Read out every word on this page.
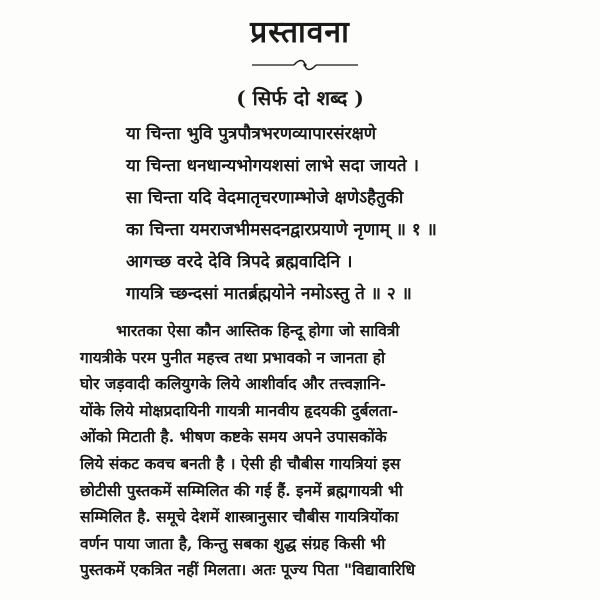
प्रस्तावना
( सिर्फ दो शब्द )
या चिन्ता भुवि पुत्रपौत्रभरणव्यापारसंरक्षणे
या चिन्ता धनधान्यभोगयशसां लाभे सदा जायते ।
सा चिन्ता यदि वेदमातृचरणाम्भोजे क्षणेऽहैतुकी
का चिन्ता यमराजभीमसदनद्वारप्रयाणे नृणाम् ॥ १ ॥
आगच्छ वरदे देवि त्रिपदे ब्रह्मवादिनि ।
गायत्रि च्छन्दसां मातर्ब्रह्मयोने नमोऽस्तु ते ॥ २ ॥
भारतका ऐसा कौन आस्तिक हिन्दू होगा जो सावित्री
गायत्रीके परम पुनीत महत्त्व तथा प्रभावको न जानता हो
घोर जड़वादी कलियुगके लिये आशीर्वाद और तत्त्वज्ञानि-
योंके लिये मोक्षप्रदायिनी गायत्री मानवीय हृदयकी दुर्बलता-
ओंको मिटाती है. भीषण कष्टके समय अपने उपासकोंके
लिये संकट कवच बनती है । ऐसी ही चौबीस गायत्रियां इस
छोटीसी पुस्तकमें सम्मिलित की गई हैं. इनमें ब्रह्मगायत्री भी
सम्मिलित है. समूचे देशमें शास्त्रानुसार चौबीस गायत्रियोंका
वर्णन पाया जाता है, किन्तु सबका शुद्ध संग्रह किसी भी
पुस्तकमें एकत्रित नहीं मिलता। अतः पूज्य पिता "विद्यावारिधि
